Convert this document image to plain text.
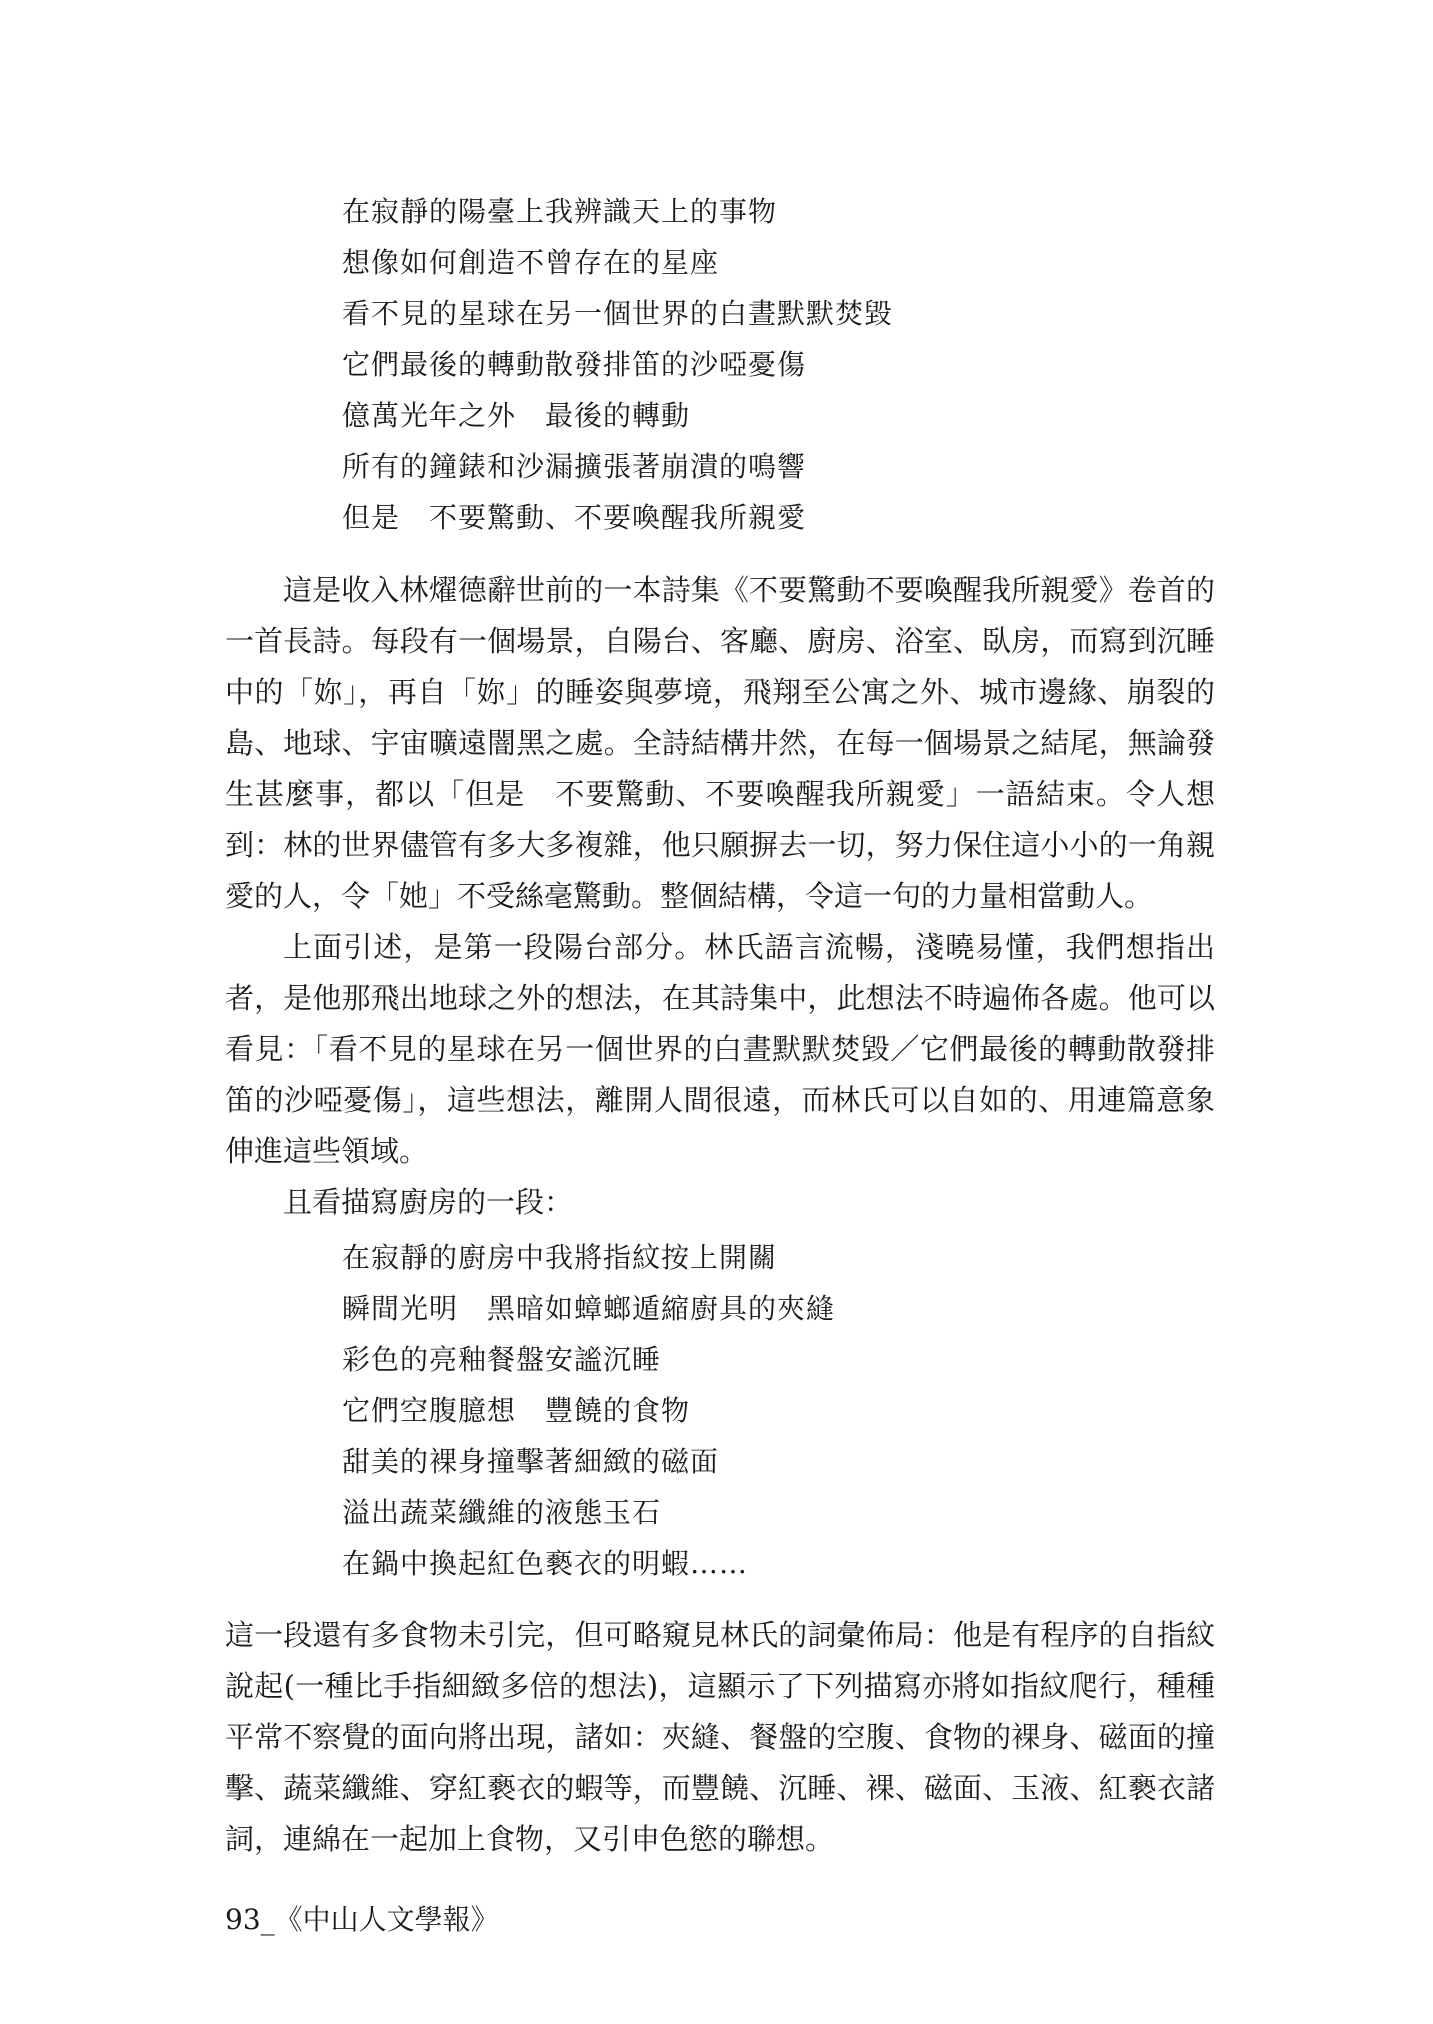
在寂靜的陽臺上我辨識天上的事物
想像如何創造不曾存在的星座
看不見的星球在另一個世界的白晝默默焚毀
它們最後的轉動散發排笛的沙啞憂傷
億萬光年之外　最後的轉動
所有的鐘錶和沙漏擴張著崩潰的鳴響
但是　不要驚動、不要喚醒我所親愛

這是收入林燿德辭世前的一本詩集《不要驚動不要喚醒我所親愛》卷首的一首長詩。每段有一個場景，自陽台、客廳、廚房、浴室、臥房，而寫到沉睡中的「妳」，再自「妳」的睡姿與夢境，飛翔至公寓之外、城市邊緣、崩裂的島、地球、宇宙曠遠闇黑之處。全詩結構井然，在每一個場景之結尾，無論發生甚麼事，都以「但是　不要驚動、不要喚醒我所親愛」一語結束。令人想到：林的世界儘管有多大多複雜，他只願摒去一切，努力保住這小小的一角親愛的人，令「她」不受絲毫驚動。整個結構，令這一句的力量相當動人。

上面引述，是第一段陽台部分。林氏語言流暢，淺曉易懂，我們想指出者，是他那飛出地球之外的想法，在其詩集中，此想法不時遍佈各處。他可以看見：「看不見的星球在另一個世界的白晝默默焚毀／它們最後的轉動散發排笛的沙啞憂傷」，這些想法，離開人間很遠，而林氏可以自如的、用連篇意象伸進這些領域。

且看描寫廚房的一段：

在寂靜的廚房中我將指紋按上開關
瞬間光明　黑暗如蟑螂遁縮廚具的夾縫
彩色的亮釉餐盤安謐沉睡
它們空腹臆想　豐饒的食物
甜美的裸身撞擊著細緻的磁面
溢出蔬菜纖維的液態玉石
在鍋中換起紅色褻衣的明蝦……

這一段還有多食物未引完，但可略窺見林氏的詞彙佈局：他是有程序的自指紋說起(一種比手指細緻多倍的想法)，這顯示了下列描寫亦將如指紋爬行，種種平常不察覺的面向將出現，諸如：夾縫、餐盤的空腹、食物的裸身、磁面的撞擊、蔬菜纖維、穿紅褻衣的蝦等，而豐饒、沉睡、裸、磁面、玉液、紅褻衣諸詞，連綿在一起加上食物，又引申色慾的聯想。

93_《中山人文學報》
